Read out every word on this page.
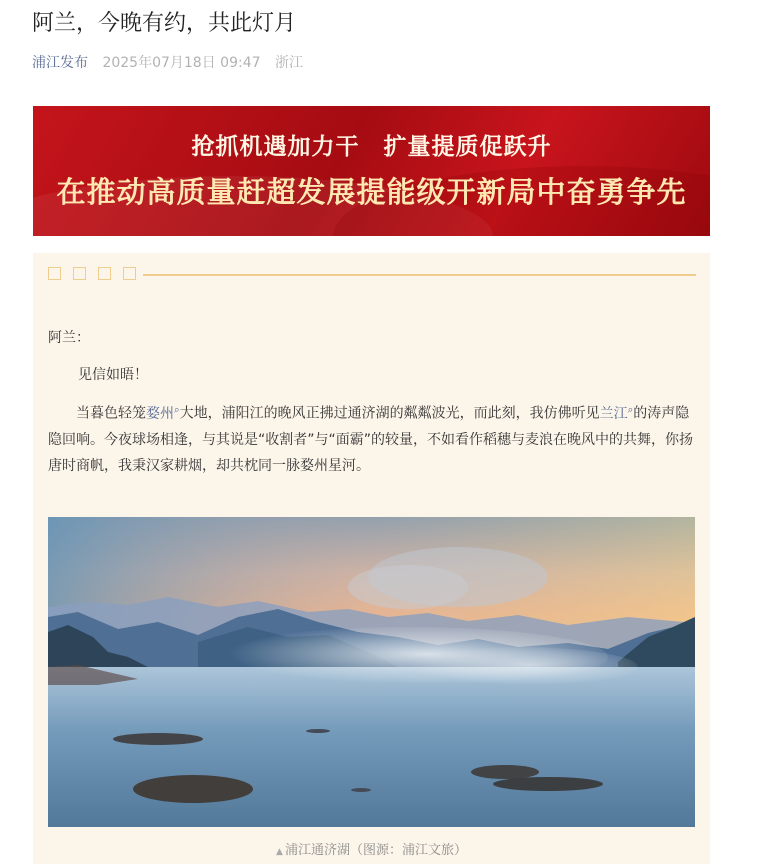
阿兰，今晚有约，共此灯月
浦江发布 2025年07月18日 09:47 浙江
抢抓机遇加力干　扩量提质促跃升
在推动高质量赶超发展提能级开新局中奋勇争先
阿兰：
见信如晤！

当暮色轻笼婺州⌕大地，浦阳江的晚风正拂过通济湖的粼粼波光，而此刻，我仿佛听见兰江⌕的涛声隐隐回响。今夜球场相逢，与其说是“收割者”与“面霸”的较量，不如看作稻穗与麦浪在晚风中的共舞，你扬唐时商帆，我秉汉家耕烟，却共枕同一脉婺州星河。

▲ 浦江通济湖（图源：浦江文旅）
